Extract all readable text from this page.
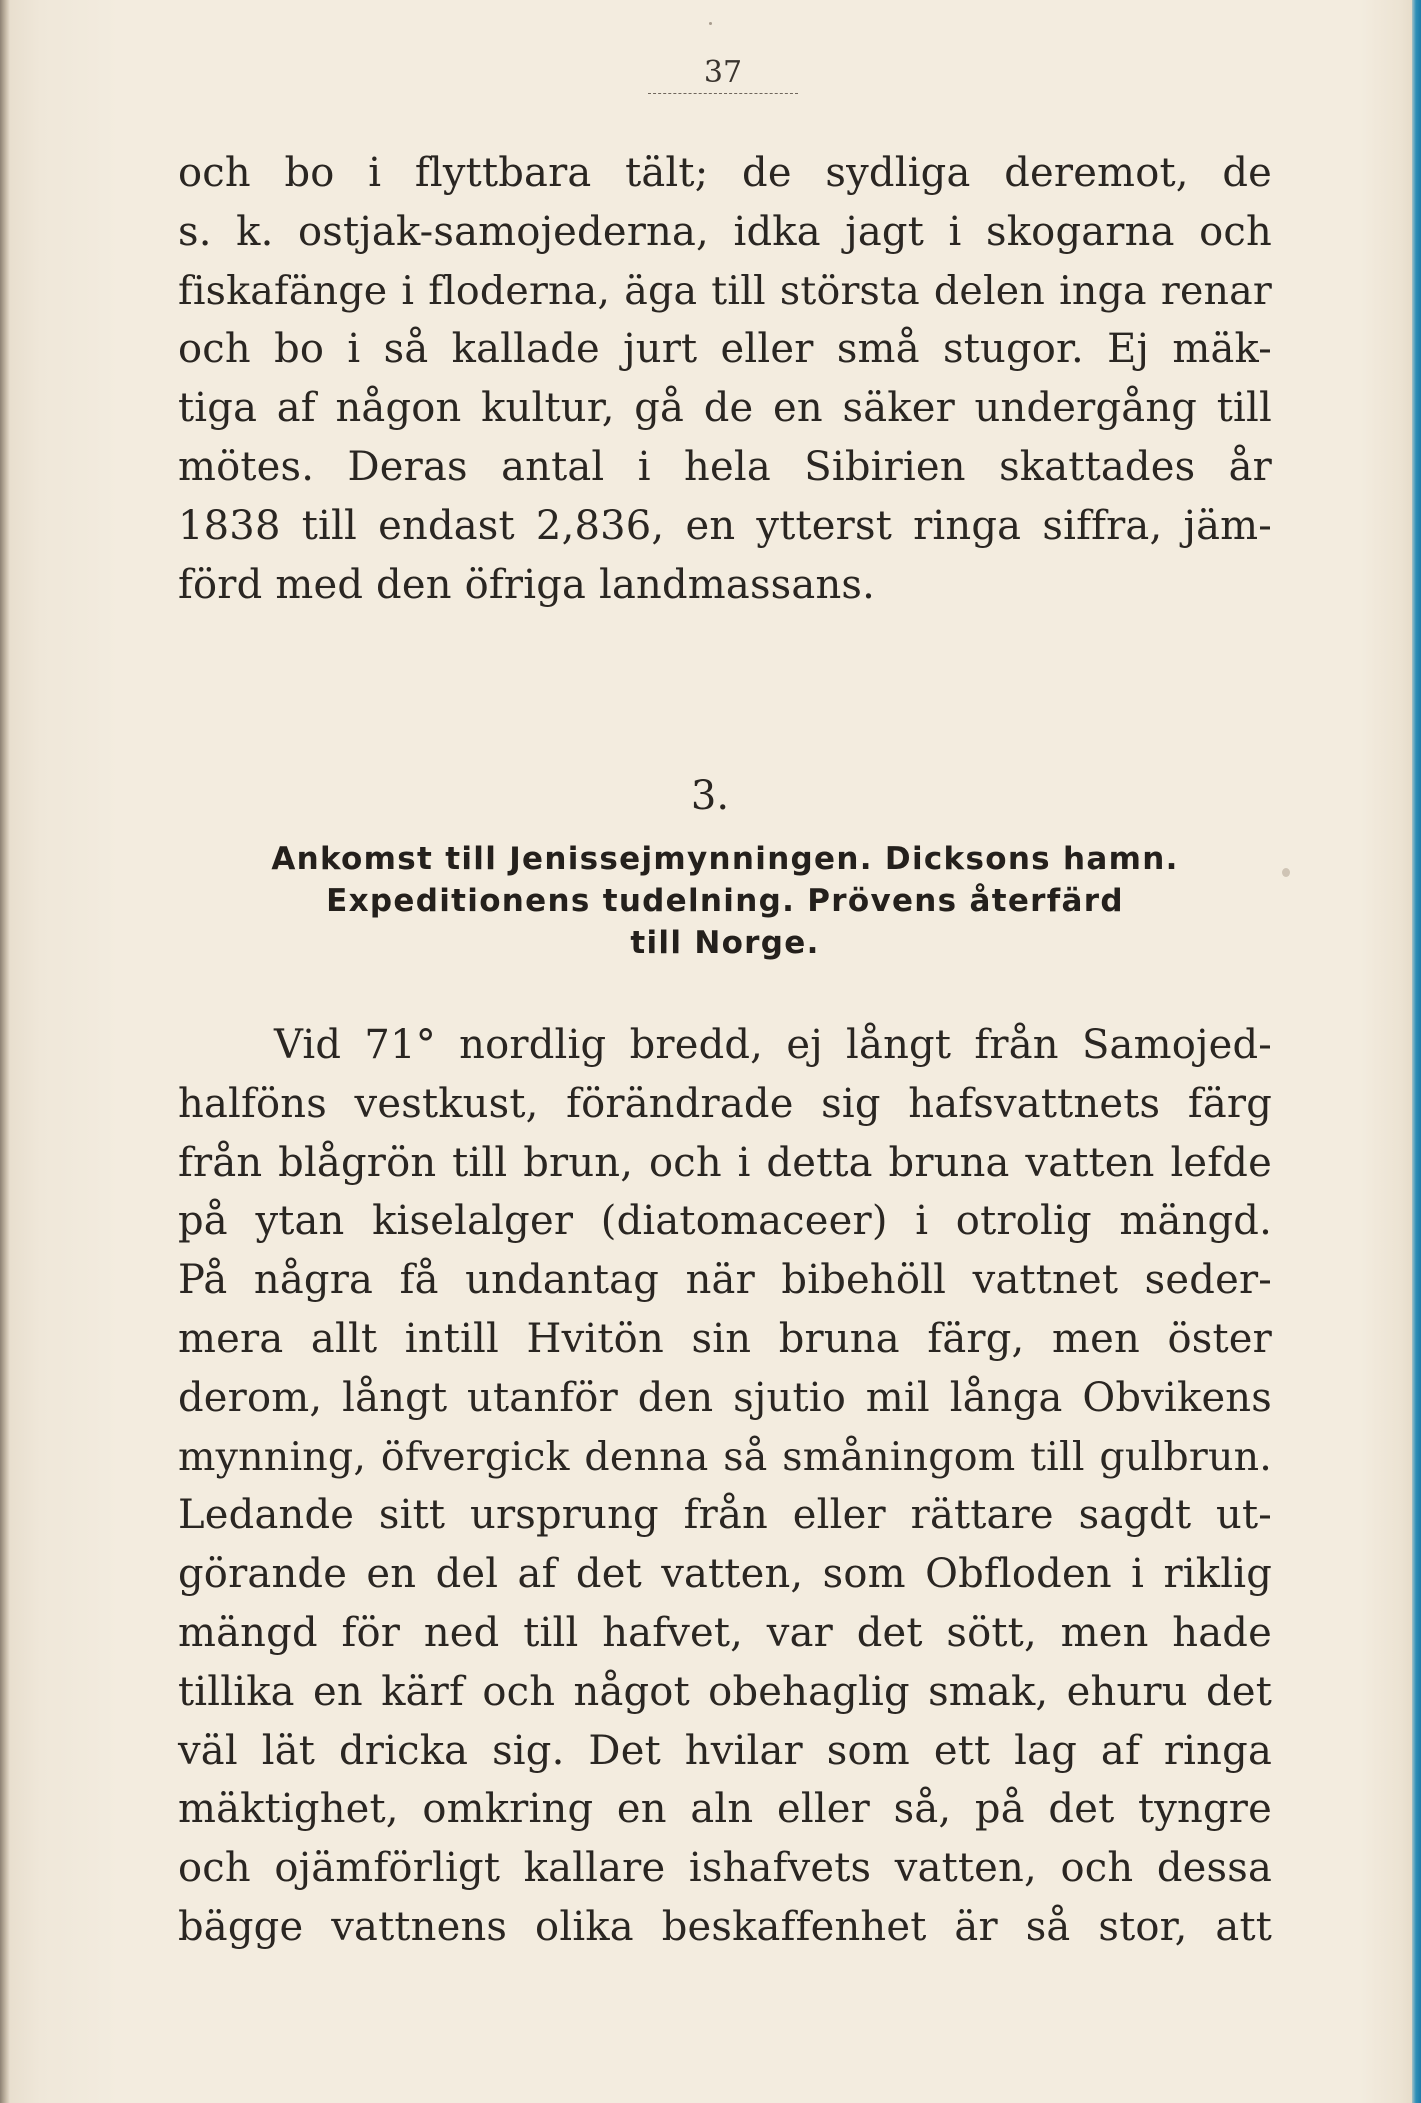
37
och bo i flyttbara tält; de sydliga deremot, de
s. k. ostjak-samojederna, idka jagt i skogarna och
fiskafänge i floderna, äga till största delen inga renar
och bo i så kallade jurt eller små stugor. Ej mäk-
tiga af någon kultur, gå de en säker undergång till
mötes. Deras antal i hela Sibirien skattades år
1838 till endast 2,836, en ytterst ringa siffra, jäm-
förd med den öfriga landmassans.
3.
Ankomst till Jenissejmynningen. Dicksons hamn.
Expeditionens tudelning. Prövens återfärd
till Norge.
Vid 71° nordlig bredd, ej långt från Samojed-
halföns vestkust, förändrade sig hafsvattnets färg
från blågrön till brun, och i detta bruna vatten lefde
på ytan kiselalger (diatomaceer) i otrolig mängd.
På några få undantag när bibehöll vattnet seder-
mera allt intill Hvitön sin bruna färg, men öster
derom, långt utanför den sjutio mil långa Obvikens
mynning, öfvergick denna så småningom till gulbrun.
Ledande sitt ursprung från eller rättare sagdt ut-
görande en del af det vatten, som Obfloden i riklig
mängd för ned till hafvet, var det sött, men hade
tillika en kärf och något obehaglig smak, ehuru det
väl lät dricka sig. Det hvilar som ett lag af ringa
mäktighet, omkring en aln eller så, på det tyngre
och ojämförligt kallare ishafvets vatten, och dessa
bägge vattnens olika beskaffenhet är så stor, att
